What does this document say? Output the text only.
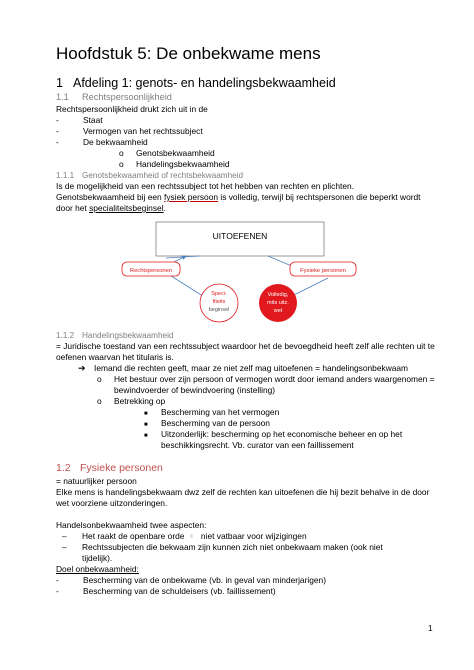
Hoofdstuk 5: De onbekwame mens
1 Afdeling 1: genots- en handelingsbekwaamheid
1.1 Rechtspersoonlijkheid
Rechtspersoonlijkheid drukt zich uit in de
-	Staat
-	Vermogen van het rechtssubject
-	De bekwaamheid
o Genotsbekwaamheid
o Handelingsbekwaamheid
1.1.1 Genotsbekwaamheid of rechtsbekwaamheid
Is de mogelijkheid van een rechtssubject tot het hebben van rechten en plichten.
Genotsbekwaamheid bij een fysiek persoon is volledig, terwijl bij rechtspersonen die beperkt wordt
door het specialiteitsbeginsel.
UITOEFENEN
Rechtspersonen	Fysieke personen
Speci-
fiteits
beginsel
Volledig,
mits uitz.
wet
1.1.2 Handelingsbekwaamheid
= Juridische toestand van een rechtssubject waardoor het de bevoegdheid heeft zelf alle rechten uit te
oefenen waarvan het titularis is.
➔ Iemand die rechten geeft, maar ze niet zelf mag uitoefenen = handelingsonbekwaam
o Het bestuur over zijn persoon of vermogen wordt door iemand anders waargenomen =
bewindvoerder of bewindvoering (instelling)
o Betrekking op
■ Bescherming van het vermogen
■ Bescherming van de persoon
■ Uitzonderlijk: bescherming op het economische beheer en op het
beschikkingsrecht. Vb. curator van een faillissement
1.2 Fysieke personen
= natuurlijker persoon
Elke mens is handelingsbekwaam dwz zelf de rechten kan uitoefenen die hij bezit behalve in de door
wet voorziene uitzonderingen.
Handelsonbekwaamheid twee aspecten:
– Het raakt de openbare orde ᶜ niet vatbaar voor wijzigingen
– Rechtssubjecten die bekwaam zijn kunnen zich niet onbekwaam maken (ook niet
tijdelijk).
Doel onbekwaamheid:
-	Bescherming van de onbekwame (vb. in geval van minderjarigen)
-	Bescherming van de schuldeisers (vb. faillissement)
1
